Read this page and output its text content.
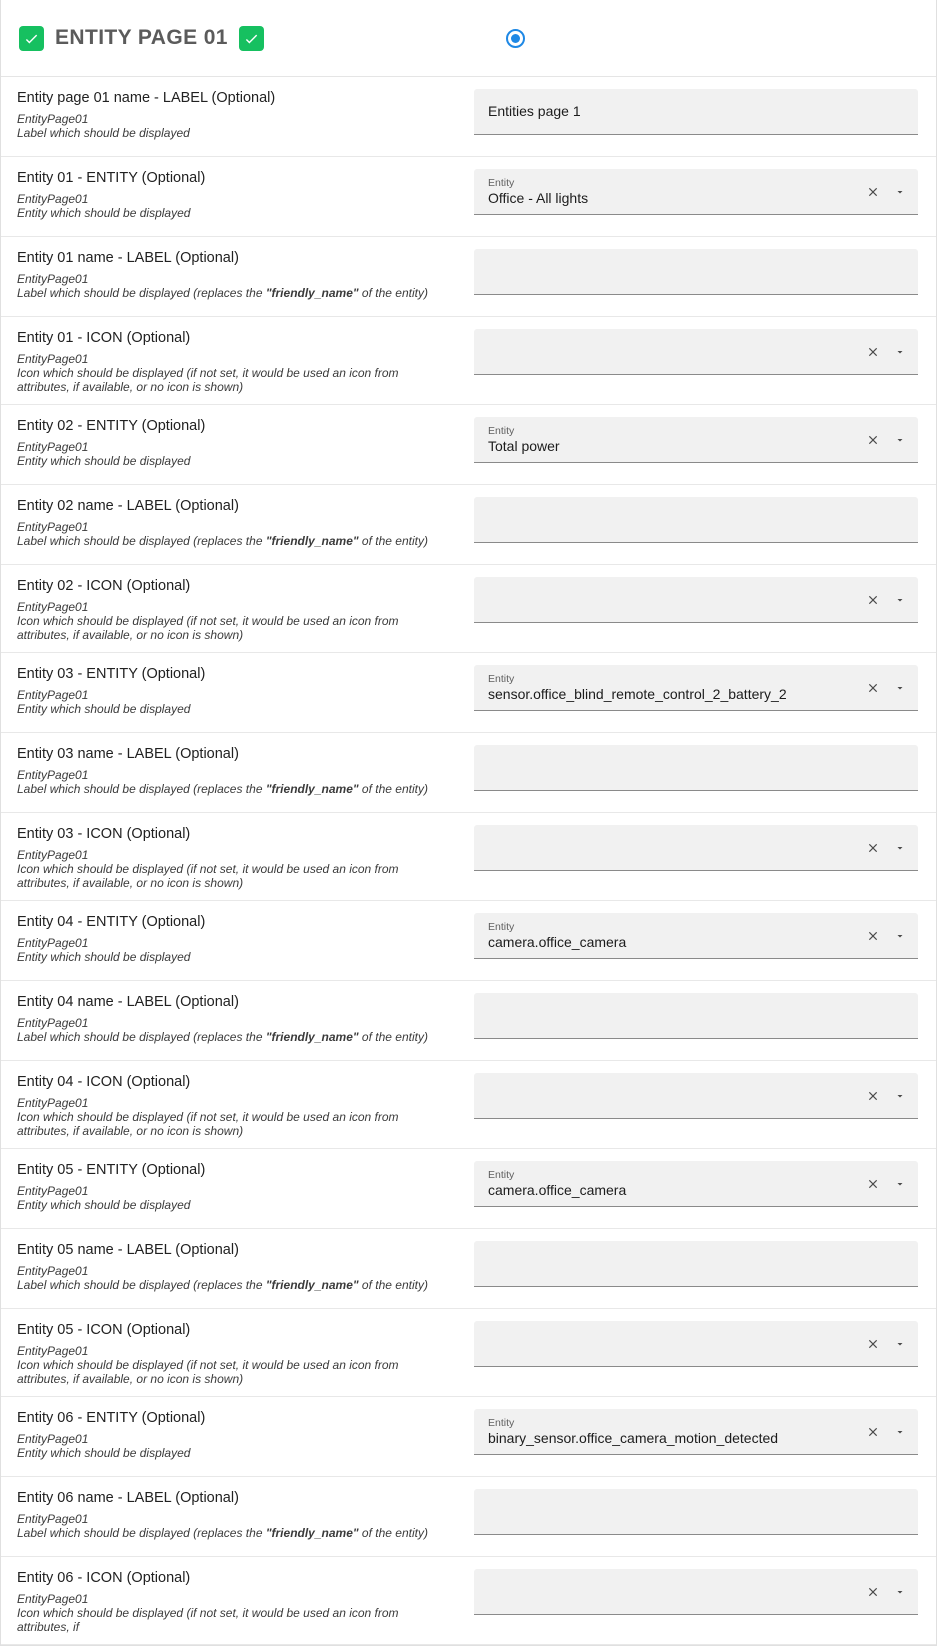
ENTITY PAGE 01
Entity page 01 name - LABEL (Optional)
EntityPage01
Label which should be displayed
Entities page 1
Entity 01 - ENTITY (Optional)
EntityPage01
Entity which should be displayed
Entity
Office - All lights
Entity 01 name - LABEL (Optional)
EntityPage01
Label which should be displayed (replaces the "friendly_name" of the entity)
Entity 01 - ICON (Optional)
EntityPage01
Icon which should be displayed (if not set, it would be used an icon from attributes, if available, or no icon is shown)
Entity 02 - ENTITY (Optional)
EntityPage01
Entity which should be displayed
Entity
Total power
Entity 02 name - LABEL (Optional)
EntityPage01
Label which should be displayed (replaces the "friendly_name" of the entity)
Entity 02 - ICON (Optional)
EntityPage01
Icon which should be displayed (if not set, it would be used an icon from attributes, if available, or no icon is shown)
Entity 03 - ENTITY (Optional)
EntityPage01
Entity which should be displayed
Entity
sensor.office_blind_remote_control_2_battery_2
Entity 03 name - LABEL (Optional)
EntityPage01
Label which should be displayed (replaces the "friendly_name" of the entity)
Entity 03 - ICON (Optional)
EntityPage01
Icon which should be displayed (if not set, it would be used an icon from attributes, if available, or no icon is shown)
Entity 04 - ENTITY (Optional)
EntityPage01
Entity which should be displayed
Entity
camera.office_camera
Entity 04 name - LABEL (Optional)
EntityPage01
Label which should be displayed (replaces the "friendly_name" of the entity)
Entity 04 - ICON (Optional)
EntityPage01
Icon which should be displayed (if not set, it would be used an icon from attributes, if available, or no icon is shown)
Entity 05 - ENTITY (Optional)
EntityPage01
Entity which should be displayed
Entity
camera.office_camera
Entity 05 name - LABEL (Optional)
EntityPage01
Label which should be displayed (replaces the "friendly_name" of the entity)
Entity 05 - ICON (Optional)
EntityPage01
Icon which should be displayed (if not set, it would be used an icon from attributes, if available, or no icon is shown)
Entity 06 - ENTITY (Optional)
EntityPage01
Entity which should be displayed
Entity
binary_sensor.office_camera_motion_detected
Entity 06 name - LABEL (Optional)
EntityPage01
Label which should be displayed (replaces the "friendly_name" of the entity)
Entity 06 - ICON (Optional)
EntityPage01
Icon which should be displayed (if not set, it would be used an icon from attributes, if
